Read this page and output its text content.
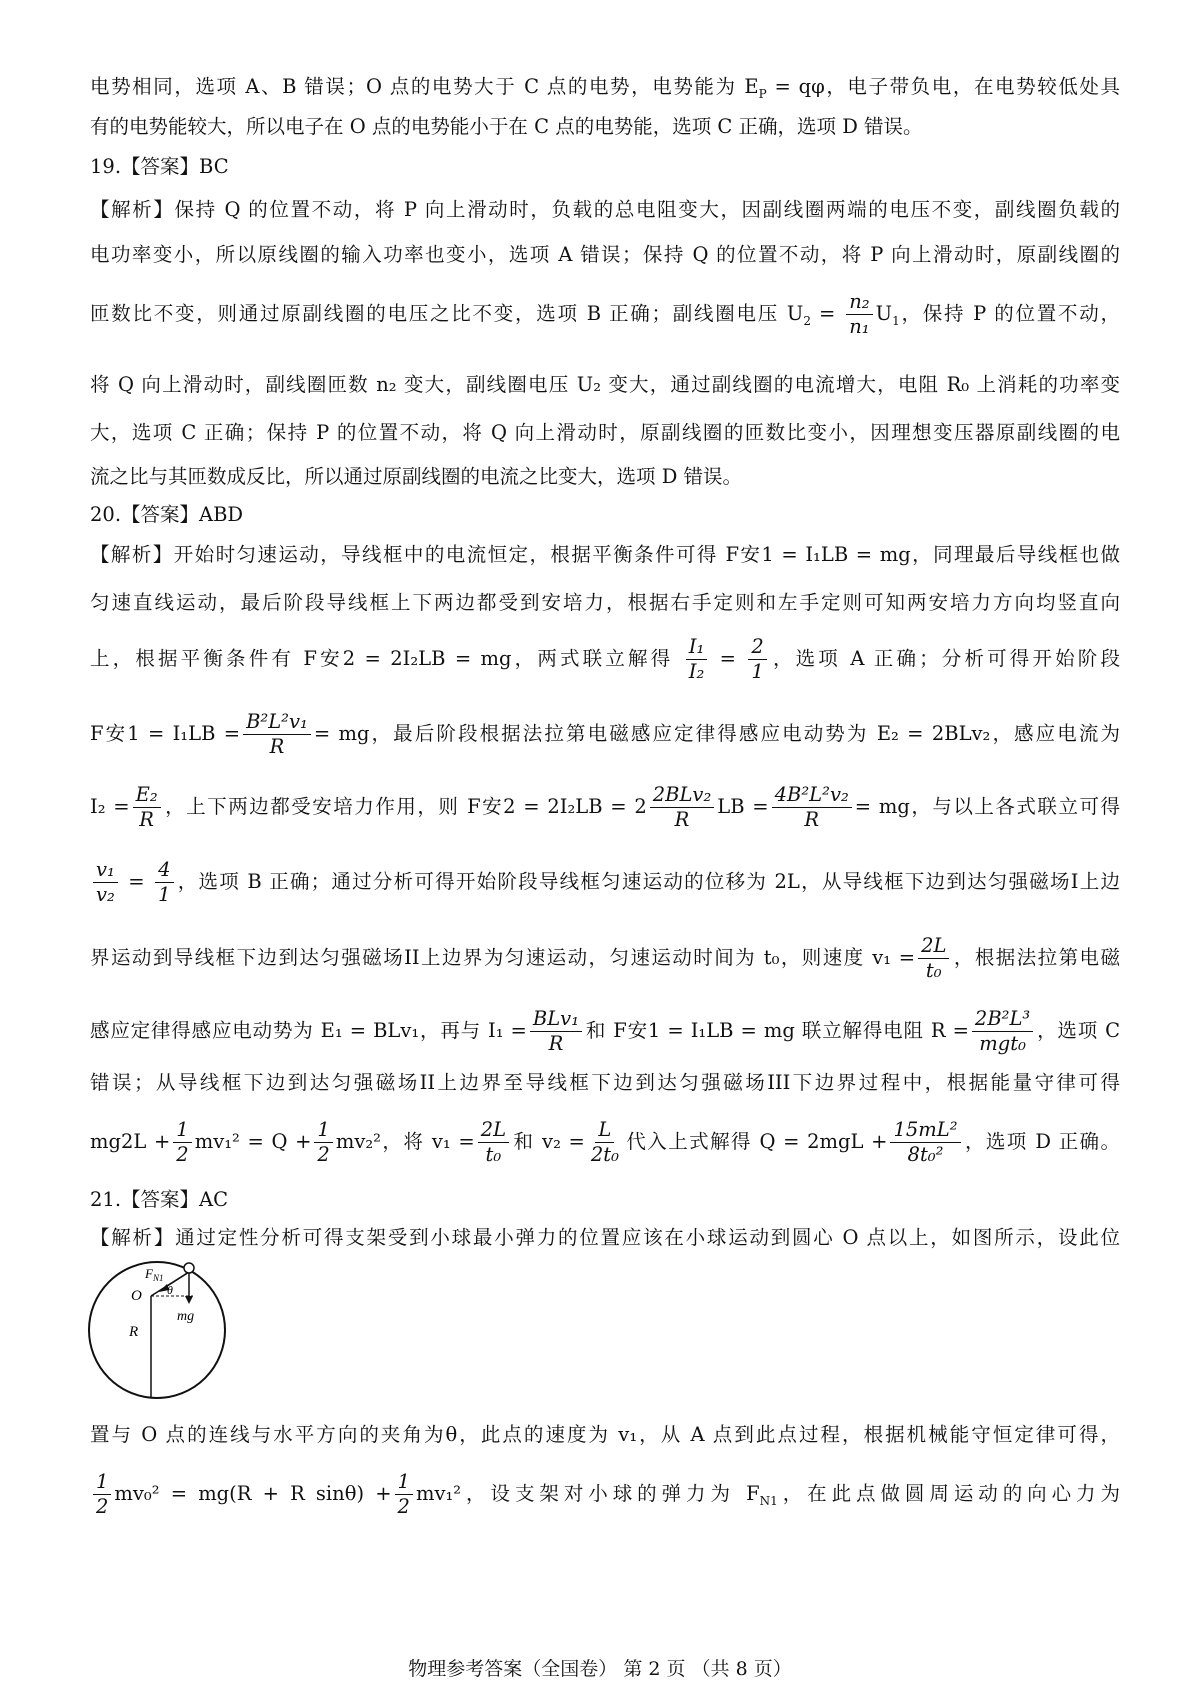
电势相同，选项 A、B 错误；O 点的电势大于 C 点的电势，电势能为 $E_P = q\varphi$，电子带负电，在电势较低处具
有的电势能较大，所以电子在 O 点的电势能小于在 C 点的电势能，选项 C 正确，选项 D 错误。
19.【答案】BC
【解析】保持 Q 的位置不动，将 P 向上滑动时，负载的总电阻变大，因副线圈两端的电压不变，副线圈负载的
电功率变小，所以原线圈的输入功率也变小，选项 A 错误；保持 Q 的位置不动，将 P 向上滑动时，原副线圈的
匝数比不变，则通过原副线圈的电压之比不变，选项 B 正确；副线圈电压 $U_2 = \frac{\text{n₂}}{\text{n₁}} U_1$，保持 P 的位置不动，
将 Q 向上滑动时，副线圈匝数 n₂ 变大，副线圈电压 U₂ 变大，通过副线圈的电流增大，电阻 R₀ 上消耗的功率变
大，选项 C 正确；保持 P 的位置不动，将 Q 向上滑动时，原副线圈的匝数比变小，因理想变压器原副线圈的电
流之比与其匝数成反比，所以通过原副线圈的电流之比变大，选项 D 错误。
20.【答案】ABD
【解析】开始时匀速运动，导线框中的电流恒定，根据平衡条件可得 F安1 = I₁LB = mg，同理最后导线框也做
匀速直线运动，最后阶段导线框上下两边都受到安培力，根据右手定则和左手定则可知两安培力方向均竖直向
上，根据平衡条件有 F安2 = 2I₂LB = mg，两式联立解得 $\frac{\text{I₁}}{\text{I₂}} = \frac{2}{1}$ ，选项 A 正确；分析可得开始阶段
F安$1 = I_1LB = \frac{\text{B²L²v₁}}{R}$ = mg，最后阶段根据法拉第电磁感应定律得感应电动势为 E₂ = 2BLv₂，感应电流为
$I_2 = \frac{\text{E₂}}{R}$ ，上下两边都受安培力作用，则 F安$2 = 2I_2LB = 2 \frac{\text{2BLv₂}}{R}$ LB = $\frac{\text{4B²L²v₂}}{R}$ = mg，与以上各式联立可得
$\frac{\text{v₁}}{\text{v₂}} = \frac{4}{1}$ ，选项 B 正确；通过分析可得开始阶段导线框匀速运动的位移为 2L，从导线框下边到达匀强磁场I上边
界运动到导线框下边到达匀强磁场II上边界为匀速运动，匀速运动时间为 t₀，则速度 $v_1 = \frac{2L}{\text{t₀}}$ ，根据法拉第电磁
感应定律得感应电动势为 E₁ = BLv₁，再与 $I_1 = \frac{\text{BLv₁}}{R}$ 和 F安1 = I₁LB = mg 联立解得电阻 $R = \frac{\text{2B²L³}}{\text{mgt₀}}$ ，选项 C
错误；从导线框下边到达匀强磁场II上边界至导线框下边到达匀强磁场III下边界过程中，根据能量守律可得
$mg2L + \frac{1}{2} mv_1^2 = Q + \frac{1}{2} mv_2^2$，将 $v_1 = \frac{2L}{\text{t₀}}$ 和 $v_2 = \frac{L}{\text{2t₀}}$ 代入上式解得 $Q = 2mgL + \frac{\text{15mL²}}{\text{8t₀²}}$ ，选项 D 正确。
21.【答案】AC
【解析】通过定性分析可得支架受到小球最小弹力的位置应该在小球运动到圆心 O 点以上，如图所示，设此位
$F_{N1}$
θ
O
mg
R
置与 O 点的连线与水平方向的夹角为θ，此点的速度为 v₁，从 A 点到此点过程，根据机械能守恒定律可得，
$\frac{1}{2} mv_0^2 = mg(R + R$ $\sin\theta) + \frac{1}{2} mv_1^2$，设支架对小球的弹力为 $F_{N1}$，在此点做圆周运动的向心力为
物理参考答案（全国卷） 第 2 页 （共 8 页）
